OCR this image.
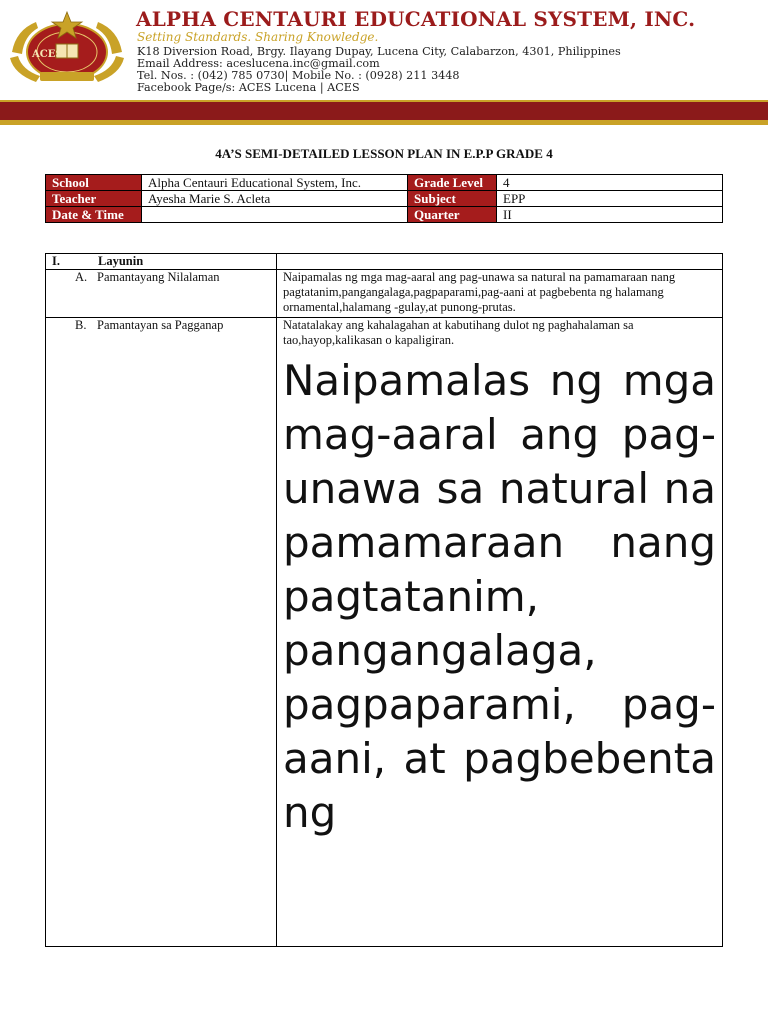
ACES
ALPHA CENTAURI EDUCATIONAL SYSTEM, INC.
Setting Standards. Sharing Knowledge.
K18 Diversion Road, Brgy. Ilayang Dupay, Lucena City, Calabarzon, 4301, Philippines
Email Address: aceslucena.inc@gmail.com
Tel. Nos. : (042) 785 0730| Mobile No. : (0928) 211 3448
Facebook Page/s: ACES Lucena | ACES
4A’S SEMI-DETAILED LESSON PLAN IN E.P.P GRADE 4
School	Alpha Centauri Educational System, Inc.	Grade Level	4
Teacher	Ayesha Marie S. Acleta	Subject	EPP
Date & Time		Quarter	II
I. Layunin	

A. Pamantayang Nilalaman	Naipamalas ng mga mag-aaral ang pag-unawa sa natural na pamamaraan nang pagtatanim,pangangalaga,pagpaparami,pag-aani at pagbebenta ng halamang ornamental,halamang -gulay,at punong-prutas.

B. Pamantayan sa Pagganap	Natatalakay ang kahalagahan at kabutihang dulot ng paghahalaman sa tao,hayop,kalikasan o kapaligiran.
Naipamalas ng mga mag-aaral ang pag-unawa sa natural na pamamaraan nang pagtatanim, pangangalaga, pagpaparami, pag-aani, at pagbebenta ng
